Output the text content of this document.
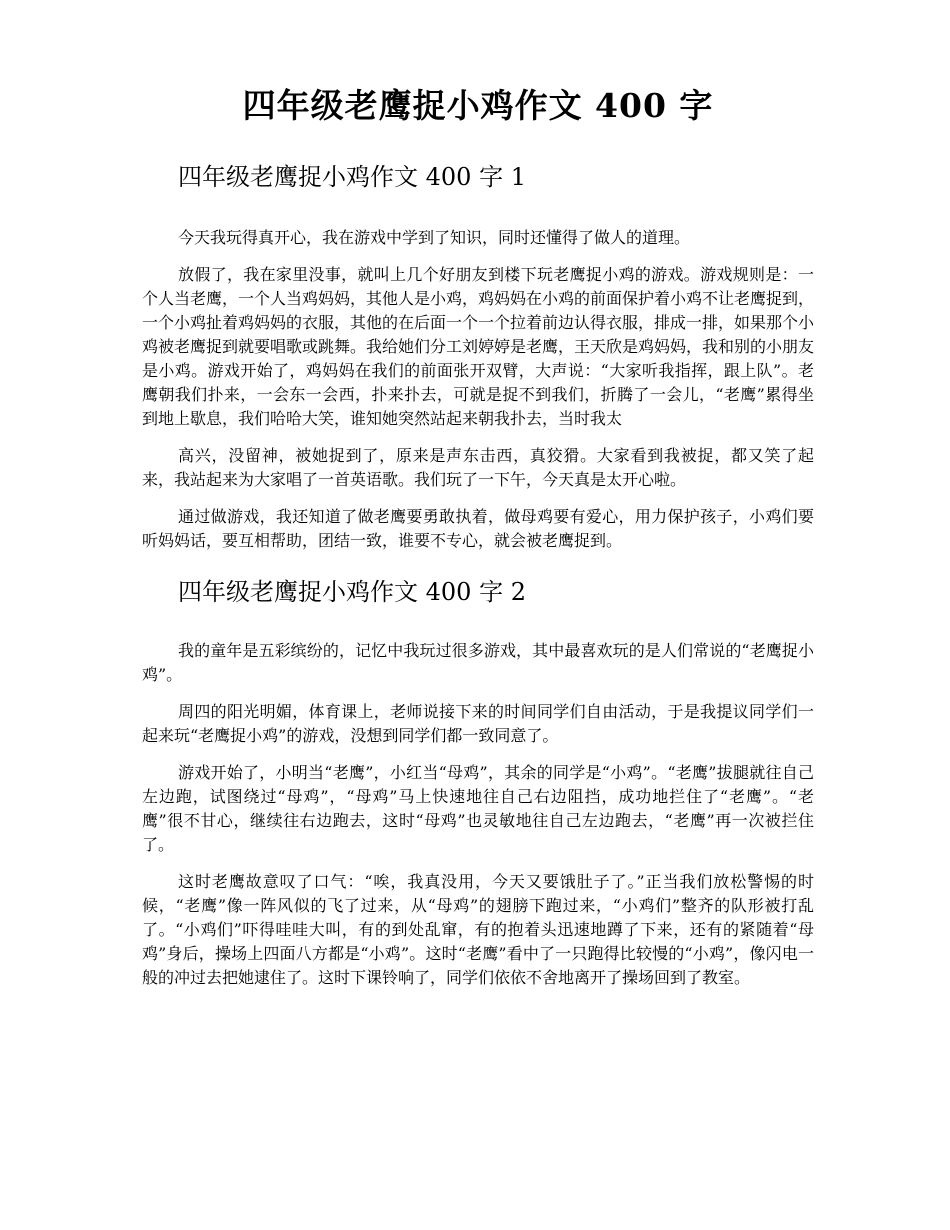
四年级老鹰捉小鸡作文 400 字
四年级老鹰捉小鸡作文 400 字 1

今天我玩得真开心，我在游戏中学到了知识，同时还懂得了做人的道理。

放假了，我在家里没事，就叫上几个好朋友到楼下玩老鹰捉小鸡的游戏。游戏规则是：一个人当老鹰，一个人当鸡妈妈，其他人是小鸡，鸡妈妈在小鸡的前面保护着小鸡不让老鹰捉到，一个小鸡扯着鸡妈妈的衣服，其他的在后面一个一个拉着前边认得衣服，排成一排，如果那个小鸡被老鹰捉到就要唱歌或跳舞。我给她们分工刘婷婷是老鹰，王天欣是鸡妈妈，我和别的小朋友是小鸡。游戏开始了，鸡妈妈在我们的前面张开双臂，大声说：“大家听我指挥，跟上队”。老鹰朝我们扑来，一会东一会西，扑来扑去，可就是捉不到我们，折腾了一会儿，“老鹰”累得坐到地上歇息，我们哈哈大笑，谁知她突然站起来朝我扑去，当时我太

高兴，没留神，被她捉到了，原来是声东击西，真狡猾。大家看到我被捉，都又笑了起来，我站起来为大家唱了一首英语歌。我们玩了一下午，今天真是太开心啦。

通过做游戏，我还知道了做老鹰要勇敢执着，做母鸡要有爱心，用力保护孩子，小鸡们要听妈妈话，要互相帮助，团结一致，谁要不专心，就会被老鹰捉到。

四年级老鹰捉小鸡作文 400 字 2

我的童年是五彩缤纷的，记忆中我玩过很多游戏，其中最喜欢玩的是人们常说的“老鹰捉小鸡”。

周四的阳光明媚，体育课上，老师说接下来的时间同学们自由活动，于是我提议同学们一起来玩“老鹰捉小鸡”的游戏，没想到同学们都一致同意了。

游戏开始了，小明当“老鹰”，小红当“母鸡”，其余的同学是“小鸡”。“老鹰”拔腿就往自己左边跑，试图绕过“母鸡”，“母鸡”马上快速地往自己右边阻挡，成功地拦住了“老鹰”。“老鹰”很不甘心，继续往右边跑去，这时“母鸡”也灵敏地往自己左边跑去，“老鹰”再一次被拦住了。

这时老鹰故意叹了口气：“唉，我真没用，今天又要饿肚子了。”正当我们放松警惕的时候，“老鹰”像一阵风似的飞了过来，从“母鸡”的翅膀下跑过来，“小鸡们”整齐的队形被打乱了。“小鸡们”吓得哇哇大叫，有的到处乱窜，有的抱着头迅速地蹲了下来，还有的紧随着“母鸡”身后，操场上四面八方都是“小鸡”。这时“老鹰”看中了一只跑得比较慢的“小鸡”，像闪电一般的冲过去把她逮住了。这时下课铃响了，同学们依依不舍地离开了操场回到了教室。
